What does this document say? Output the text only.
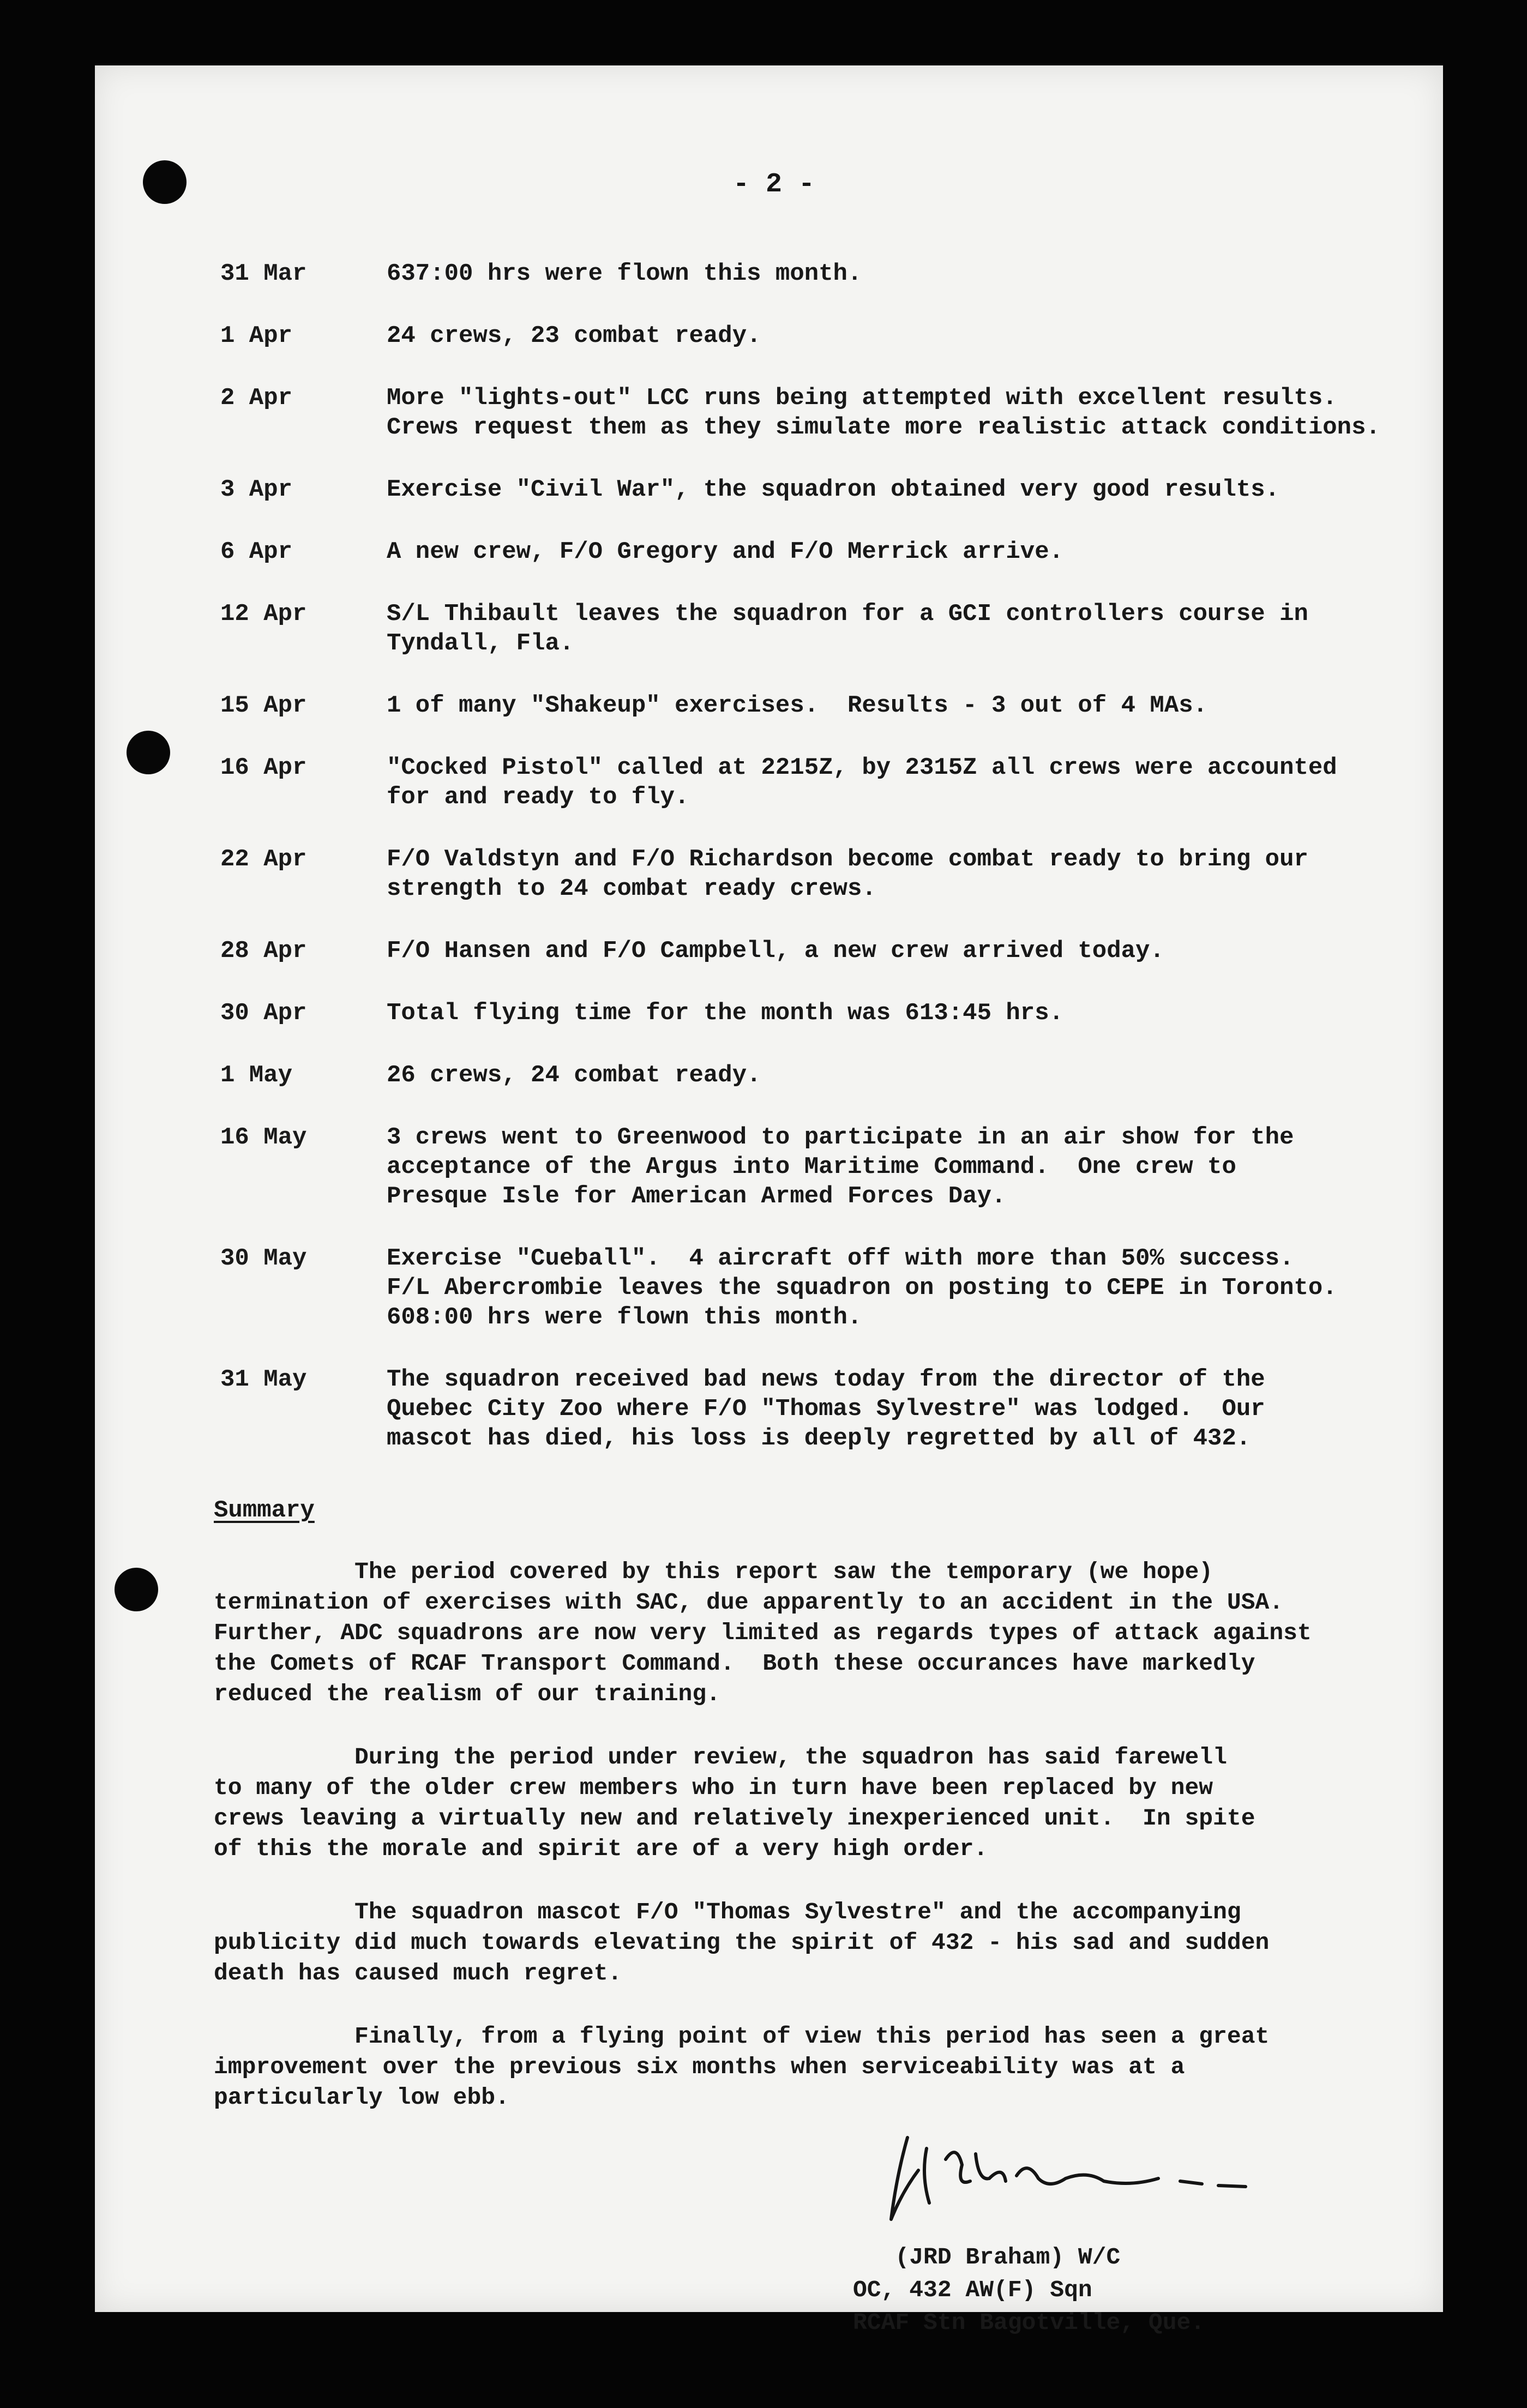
- 2 -
31 Mar	637:00 hrs were flown this month.
1 Apr	24 crews, 23 combat ready.
2 Apr	More "lights-out" LCC runs being attempted with excellent results.
Crews request them as they simulate more realistic attack conditions.
3 Apr	Exercise "Civil War", the squadron obtained very good results.
6 Apr	A new crew, F/O Gregory and F/O Merrick arrive.
12 Apr	S/L Thibault leaves the squadron for a GCI controllers course in
Tyndall, Fla.
15 Apr	1 of many "Shakeup" exercises.  Results - 3 out of 4 MAs.
16 Apr	"Cocked Pistol" called at 2215Z, by 2315Z all crews were accounted
for and ready to fly.
22 Apr	F/O Valdstyn and F/O Richardson become combat ready to bring our
strength to 24 combat ready crews.
28 Apr	F/O Hansen and F/O Campbell, a new crew arrived today.
30 Apr	Total flying time for the month was 613:45 hrs.
1 May	26 crews, 24 combat ready.
16 May	3 crews went to Greenwood to participate in an air show for the
acceptance of the Argus into Maritime Command.  One crew to
Presque Isle for American Armed Forces Day.
30 May	Exercise "Cueball".  4 aircraft off with more than 50% success.
F/L Abercrombie leaves the squadron on posting to CEPE in Toronto.
608:00 hrs were flown this month.
31 May	The squadron received bad news today from the director of the
Quebec City Zoo where F/O "Thomas Sylvestre" was lodged.  Our
mascot has died, his loss is deeply regretted by all of 432.
Summary
The period covered by this report saw the temporary (we hope)
termination of exercises with SAC, due apparently to an accident in the USA.
Further, ADC squadrons are now very limited as regards types of attack against
the Comets of RCAF Transport Command.  Both these occurances have markedly
reduced the realism of our training.
During the period under review, the squadron has said farewell
to many of the older crew members who in turn have been replaced by new
crews leaving a virtually new and relatively inexperienced unit.  In spite
of this the morale and spirit are of a very high order.
The squadron mascot F/O "Thomas Sylvestre" and the accompanying
publicity did much towards elevating the spirit of 432 - his sad and sudden
death has caused much regret.
Finally, from a flying point of view this period has seen a great
improvement over the previous six months when serviceability was at a
particularly low ebb.
(JRD Braham) W/C
OC, 432 AW(F) Sqn
RCAF Stn Bagotville, Que.
